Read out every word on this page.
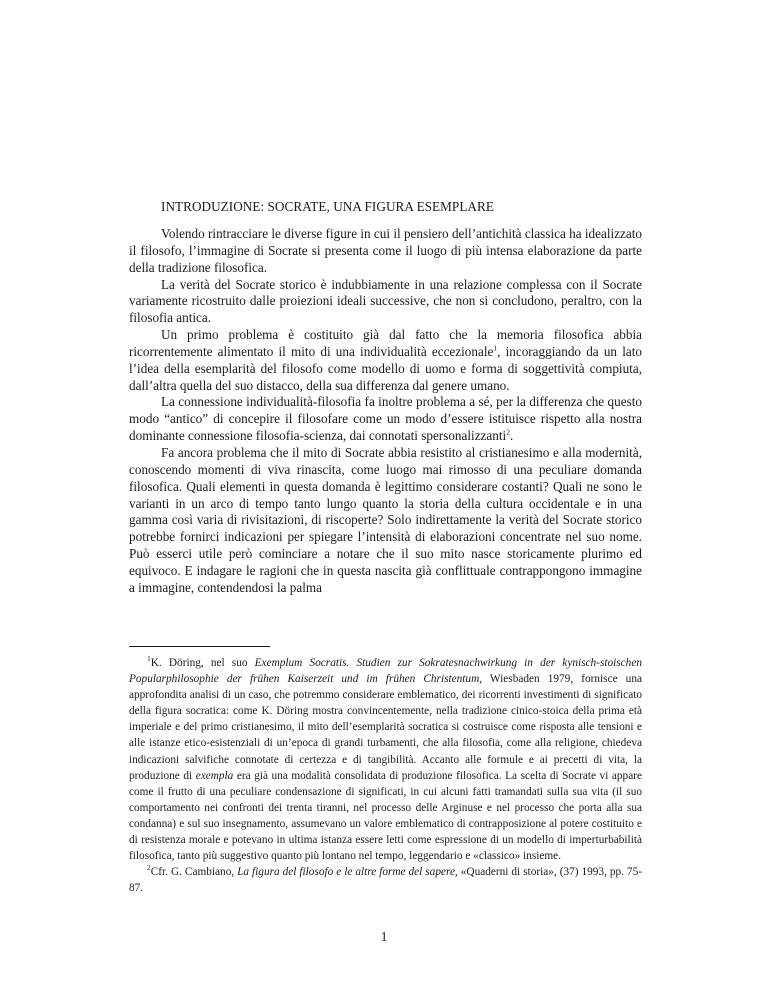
INTRODUZIONE: SOCRATE, UNA FIGURA ESEMPLARE

Volendo rintracciare le diverse figure in cui il pensiero dell’antichità classica ha idealizzato il filosofo, l’immagine di Socrate si presenta come il luogo di più intensa elaborazione da parte della tradizione filosofica.

La verità del Socrate storico è indubbiamente in una relazione complessa con il Socrate variamente ricostruito dalle proiezioni ideali successive, che non si concludono, peraltro, con la filosofia antica.

Un primo problema è costituito già dal fatto che la memoria filosofica abbia ricorrentemente alimentato il mito di una individualità eccezionale$^1$, incoraggiando da un lato l’idea della esemplarità del filosofo come modello di uomo e forma di soggettività compiuta, dall’altra quella del suo distacco, della sua differenza dal genere umano.

La connessione individualità-filosofia fa inoltre problema a sé, per la differenza che questo modo “antico” di concepire il filosofare come un modo d’essere istituisce rispetto alla nostra dominante connessione filosofia-scienza, dai connotati spersonalizzanti$^2$.

Fa ancora problema che il mito di Socrate abbia resistito al cristianesimo e alla modernità, conoscendo momenti di viva rinascita, come luogo mai rimosso di una peculiare domanda filosofica. Quali elementi in questa domanda è legittimo considerare costanti? Quali ne sono le varianti in un arco di tempo tanto lungo quanto la storia della cultura occidentale e in una gamma così varia di rivisitazioni, di riscoperte? Solo indirettamente la verità del Socrate storico potrebbe fornirci indicazioni per spiegare l’intensità di elaborazioni concentrate nel suo nome. Può esserci utile però cominciare a notare che il suo mito nasce storicamente plurimo ed equivoco. E indagare le ragioni che in questa nascita già conflittuale contrappongono immagine a immagine, contendendosi la palma

$^1$K. Döring, nel suo Exemplum Socratis. Studien zur Sokratesnachwirkung in der kynisch-stoischen Popularphilosophie der frühen Kaiserzeit und im frühen Christentum, Wiesbaden 1979, fornisce una approfondita analisi di un caso, che potremmo considerare emblematico, dei ricorrenti investimenti di significato della figura socratica: come K. Döring mostra convincentemente, nella tradizione cinico-stoica della prima età imperiale e del primo cristianesimo, il mito dell’esemplarità socratica si costruisce come risposta alle tensioni e alle istanze etico-esistenziali di un’epoca di grandi turbamenti, che alla filosofia, come alla religione, chiedeva indicazioni salvifiche connotate di certezza e di tangibilità. Accanto alle formule e ai precetti di vita, la produzione di exempla era già una modalità consolidata di produzione filosofica. La scelta di Socrate vi appare come il frutto di una peculiare condensazione di significati, in cui alcuni fatti tramandati sulla sua vita (il suo comportamento nei confronti dei trenta tiranni, nel processo delle Arginuse e nel processo che porta alla sua condanna) e sul suo insegnamento, assumevano un valore emblematico di contrapposizione al potere costituito e di resistenza morale e potevano in ultima istanza essere letti come espressione di un modello di imperturbabilità filosofica, tanto più suggestivo quanto più lontano nel tempo, leggendario e «classico» insieme.

$^2$Cfr. G. Cambiano, La figura del filosofo e le altre forme del sapere, «Quaderni di storia», (37) 1993, pp. 75-87.

1
